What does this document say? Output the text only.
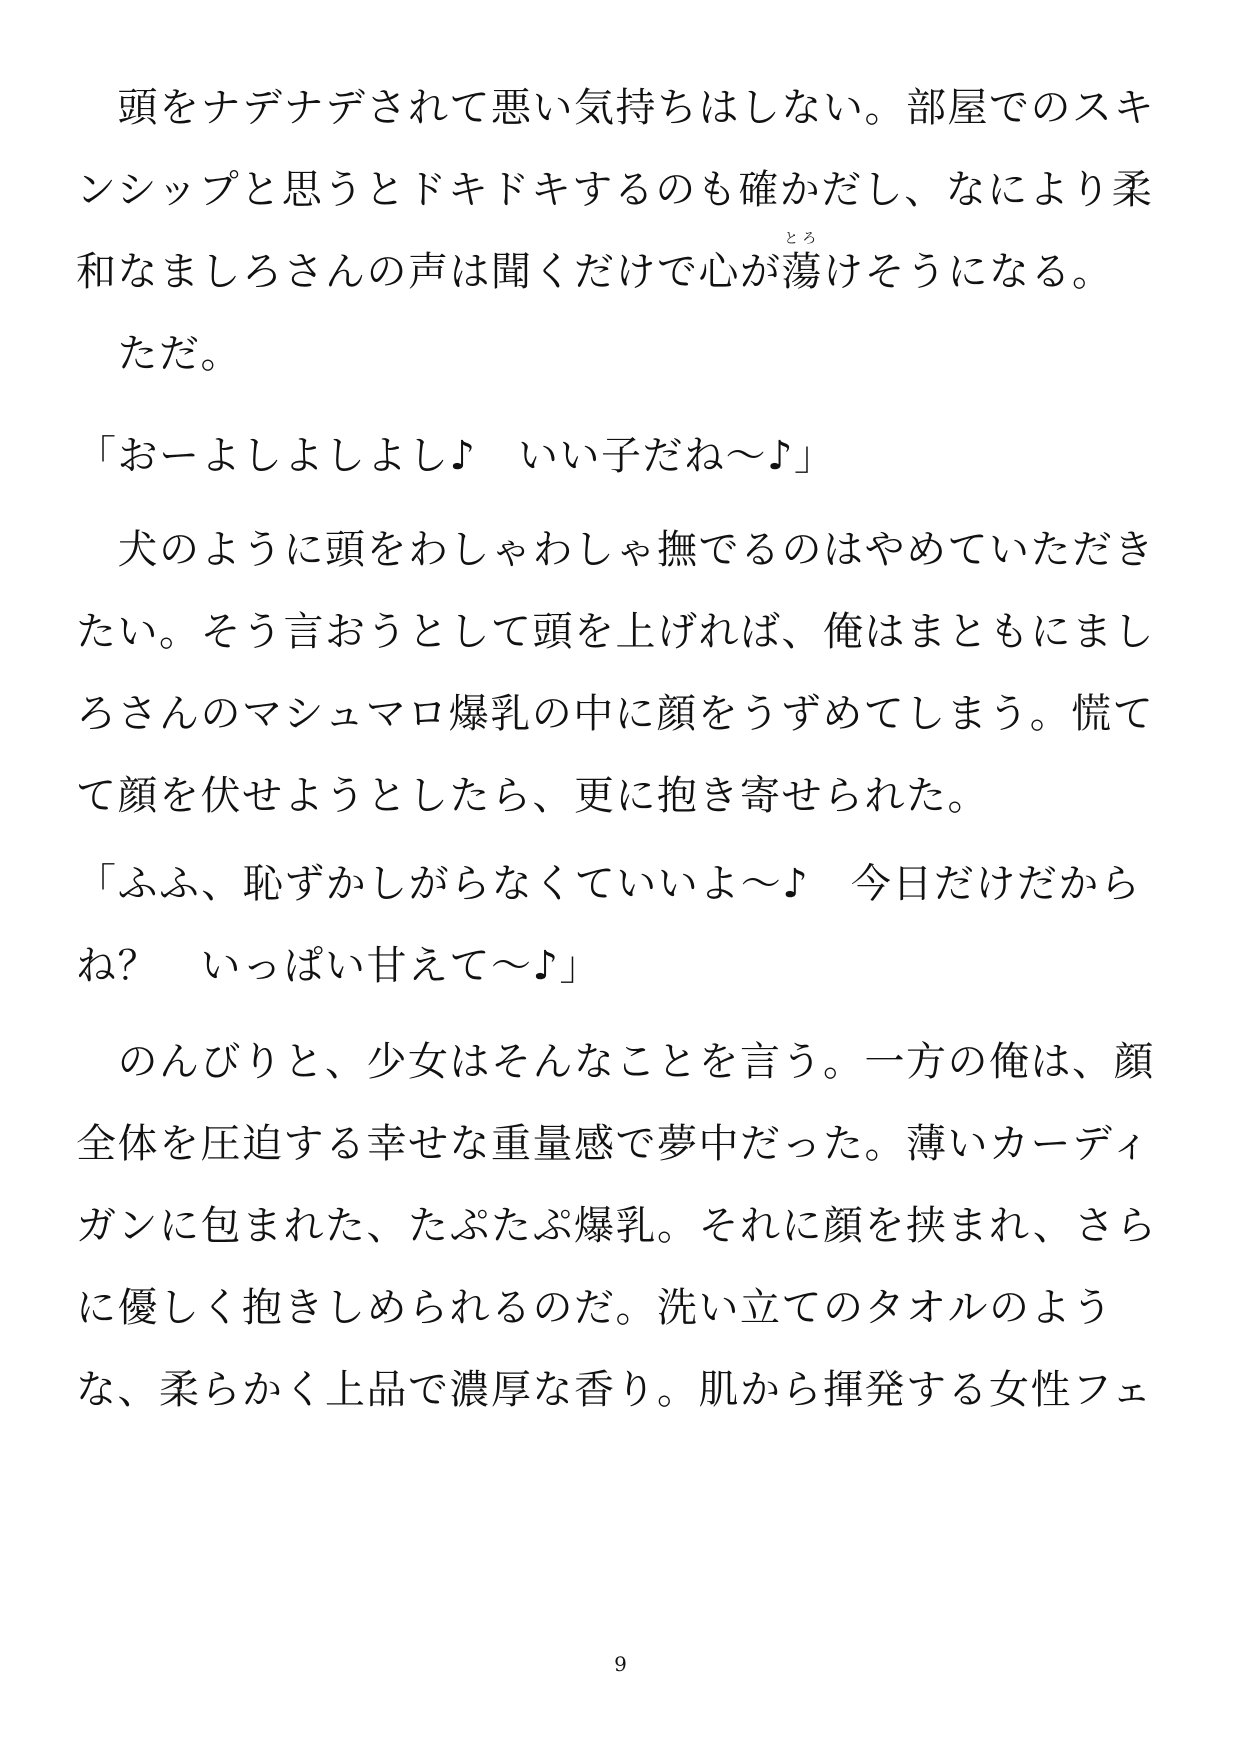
　頭をナデナデされて悪い気持ちはしない。部屋でのスキ
ンシップと思うとドキドキするのも確かだし、なにより柔
和なましろさんの声は聞くだけで心が
とろ
蕩けそうになる。
　ただ。
「おーよしよしよし♪　いい子だね〜♪」
　犬のように頭をわしゃわしゃ撫でるのはやめていただき
たい。そう言おうとして頭を上げれば、俺はまともにまし
ろさんのマシュマロ爆乳の中に顔をうずめてしまう。慌て
て顔を伏せようとしたら、更に抱き寄せられた。
「ふふ、恥ずかしがらなくていいよ〜♪　今日だけだから
ね？　いっぱい甘えて〜♪」
　のんびりと、少女はそんなことを言う。一方の俺は、顔
全体を圧迫する幸せな重量感で夢中だった。薄いカーディ
ガンに包まれた、たぷたぷ爆乳。それに顔を挟まれ、さら
に優しく抱きしめられるのだ。洗い立てのタオルのよう
な、柔らかく上品で濃厚な香り。肌から揮発する女性フェ
9
